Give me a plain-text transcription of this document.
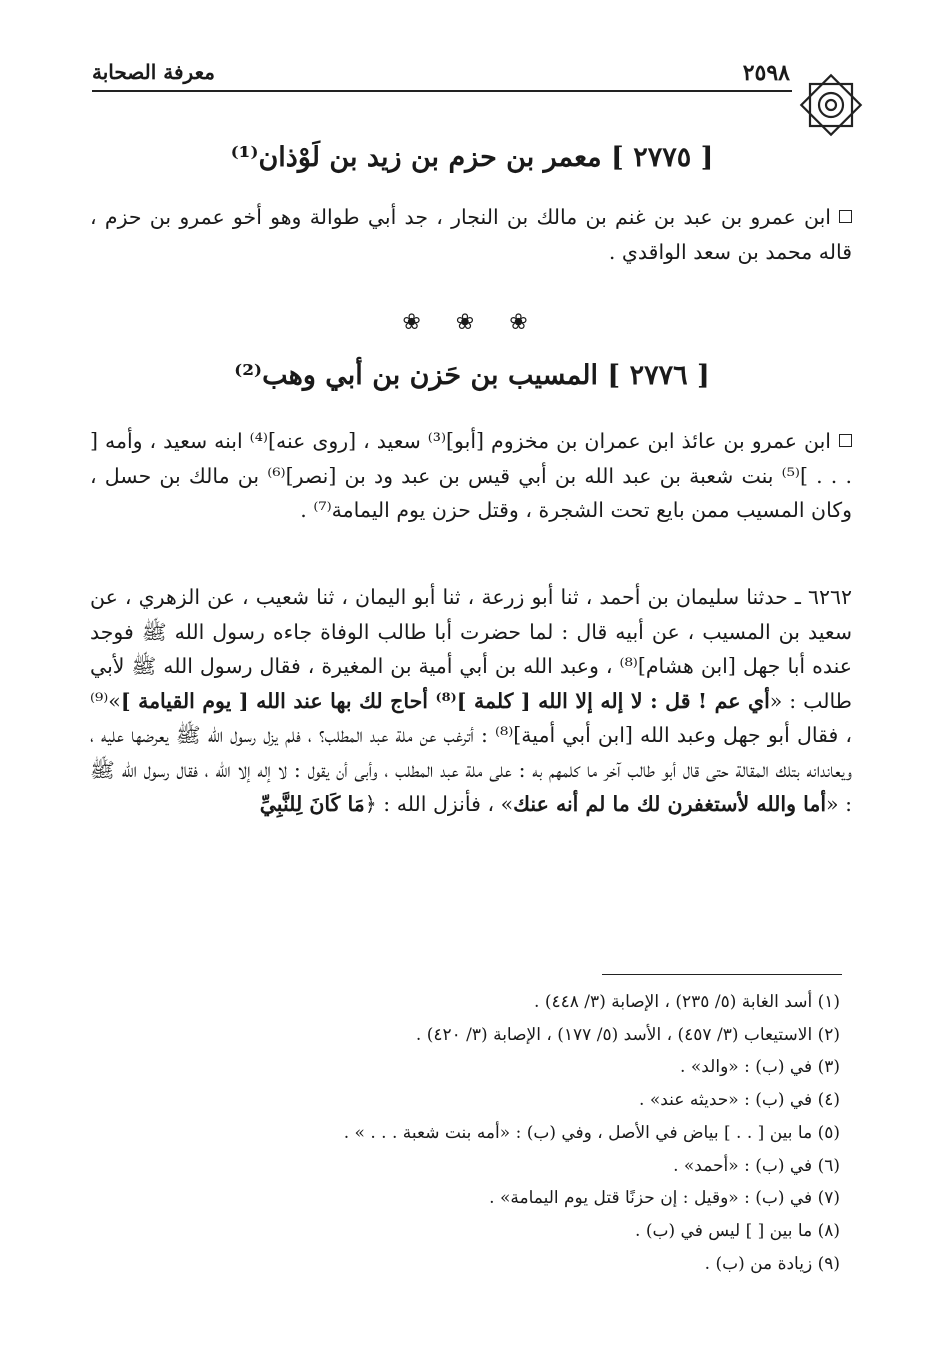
معرفة الصحابة	٢٥٩٨
[ ٢٧٧٥ ] معمر بن حزم بن زيد بن لَوْذان⁽¹⁾
ابن عمرو بن عبد بن غنم بن مالك بن النجار ، جد أبي طوالة وهو أخو عمرو بن حزم ، قاله محمد بن سعد الواقدي .
❀ ❀ ❀
[ ٢٧٧٦ ] المسيب بن حَزن بن أبي وهب⁽²⁾
ابن عمرو بن عائذ ابن عمران بن مخزوم [أبو]⁽³⁾ سعيد ، [روى عنه]⁽⁴⁾ ابنه سعيد ، وأمه [ . . . ]⁽⁵⁾ بنت شعبة بن عبد الله بن أبي قيس بن عبد ود بن [نصر]⁽⁶⁾ بن مالك بن حسل ، وكان المسيب ممن بايع تحت الشجرة ، وقتل حزن يوم اليمامة⁽⁷⁾ .
٦٢٦٢ ـ حدثنا سليمان بن أحمد ، ثنا أبو زرعة ، ثنا أبو اليمان ، ثنا شعيب ، عن الزهري ، عن سعيد بن المسيب ، عن أبيه قال : لما حضرت أبا طالب الوفاة جاءه رسول الله ﷺ فوجد عنده أبا جهل [ابن هشام]⁽⁸⁾ ، وعبد الله بن أبي أمية بن المغيرة ، فقال رسول الله ﷺ لأبي طالب : «أي عم ! قل : لا إله إلا الله [ كلمة ]⁽⁸⁾ أحاج لك بها عند الله [ يوم القيامة ]»⁽⁹⁾ ، فقال أبو جهل وعبد الله [ابن أبي أمية]⁽⁸⁾ : أترغب عن ملة عبد المطلب؟ ، فلم يزل رسول الله ﷺ يعرضها عليه ، ويعاندانه بتلك المقالة حتى قال أبو طالب آخر ما كلمهم به : على ملة عبد المطلب ، وأبى أن يقول : لا إله إلا الله ، فقال رسول الله ﷺ : «أما والله لأستغفرن لك ما لم أنه عنك» ، فأنزل الله : ﴿مَا كَانَ لِلنَّبِيِّ
(١) أسد الغابة (٥/ ٢٣٥) ، الإصابة (٣/ ٤٤٨) .
(٢) الاستيعاب (٣/ ٤٥٧) ، الأسد (٥/ ١٧٧) ، الإصابة (٣/ ٤٢٠) .
(٣) في (ب) : «والد» .
(٤) في (ب) : «حديثه عند» .
(٥) ما بين [ . . ] بياض في الأصل ، وفي (ب) : «أمه بنت شعبة . . . » .
(٦) في (ب) : «أحمد» .
(٧) في (ب) : «وقيل : إن حزنًا قتل يوم اليمامة» .
(٨) ما بين [ ] ليس في (ب) .
(٩) زيادة من (ب) .
